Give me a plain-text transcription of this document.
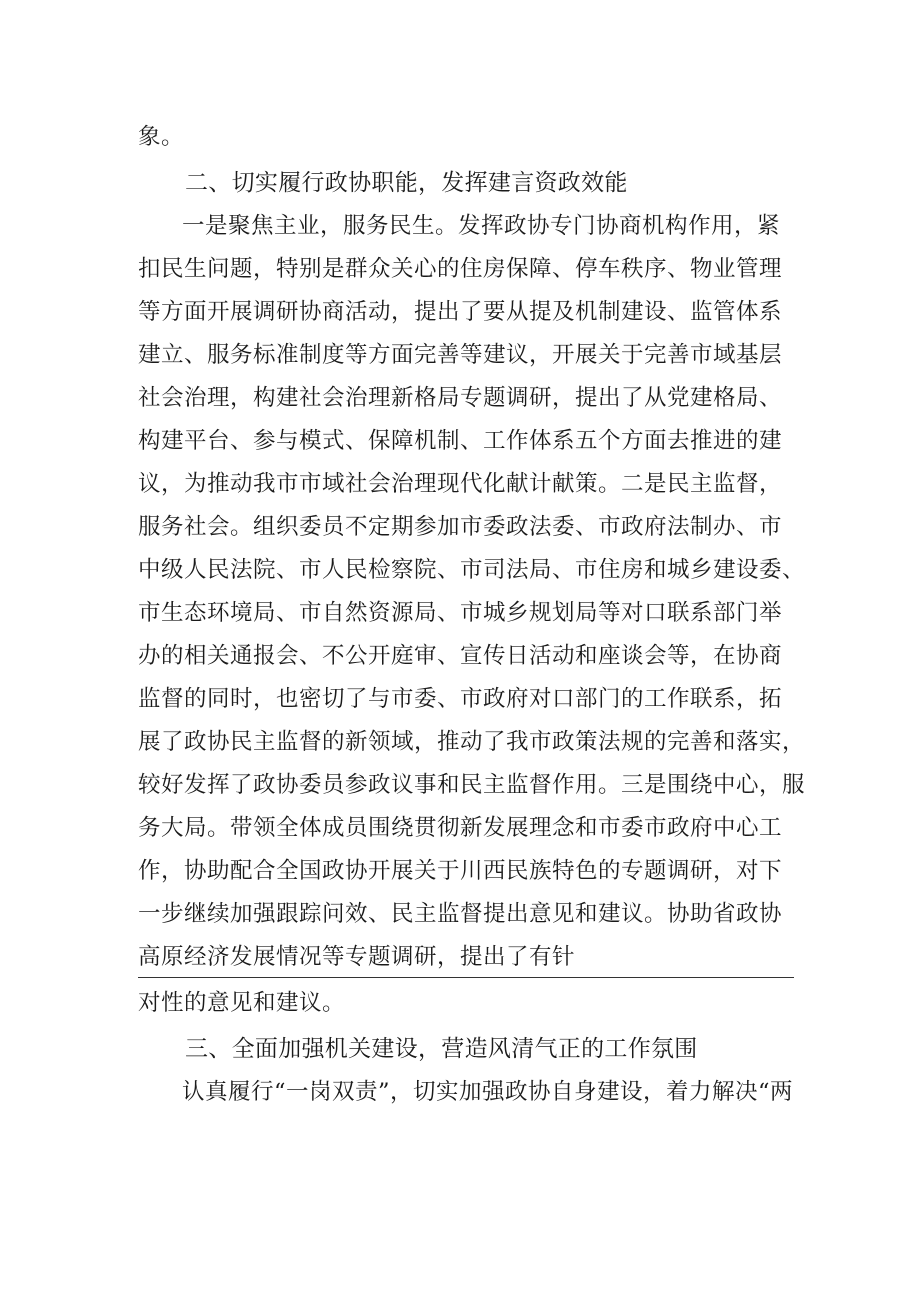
象。
二、切实履行政协职能，发挥建言资政效能
一是聚焦主业，服务民生。发挥政协专门协商机构作用，紧
扣民生问题，特别是群众关心的住房保障、停车秩序、物业管理
等方面开展调研协商活动，提出了要从提及机制建设、监管体系
建立、服务标准制度等方面完善等建议，开展关于完善市域基层
社会治理，构建社会治理新格局专题调研，提出了从党建格局、
构建平台、参与模式、保障机制、工作体系五个方面去推进的建
议，为推动我市市域社会治理现代化献计献策。二是民主监督，
服务社会。组织委员不定期参加市委政法委、市政府法制办、市
中级人民法院、市人民检察院、市司法局、市住房和城乡建设委、
市生态环境局、市自然资源局、市城乡规划局等对口联系部门举
办的相关通报会、不公开庭审、宣传日活动和座谈会等，在协商
监督的同时，也密切了与市委、市政府对口部门的工作联系，拓
展了政协民主监督的新领域，推动了我市政策法规的完善和落实，
较好发挥了政协委员参政议事和民主监督作用。三是围绕中心，服
务大局。带领全体成员围绕贯彻新发展理念和市委市政府中心工
作，协助配合全国政协开展关于川西民族特色的专题调研，对下
一步继续加强跟踪问效、民主监督提出意见和建议。协助省政协
高原经济发展情况等专题调研，提出了有针
对性的意见和建议。
三、全面加强机关建设，营造风清气正的工作氛围
认真履行“一岗双责”，切实加强政协自身建设，着力解决“两
